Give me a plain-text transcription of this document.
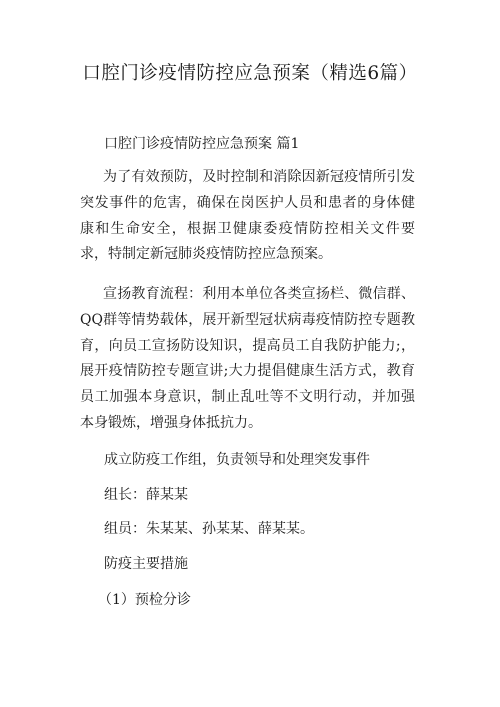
口腔门诊疫情防控应急预案（精选6篇）
口腔门诊疫情防控应急预案 篇1

为了有效预防，及时控制和消除因新冠疫情所引发突发事件的危害，确保在岗医护人员和患者的身体健康和生命安全，根据卫健康委疫情防控相关文件要求，特制定新冠肺炎疫情防控应急预案。

宣扬教育流程：利用本单位各类宣扬栏、微信群、QQ群等情势载体，展开新型冠状病毒疫情防控专题教育，向员工宣扬防设知识，提高员工自我防护能力;，展开疫情防控专题宣讲;大力提倡健康生活方式，教育员工加强本身意识，制止乱吐等不文明行动，并加强本身锻炼，增强身体抵抗力。

成立防疫工作组，负责领导和处理突发事件
组长：薛某某
组员：朱某某、孙某某、薛某某。
防疫主要措施
（1）预检分诊
